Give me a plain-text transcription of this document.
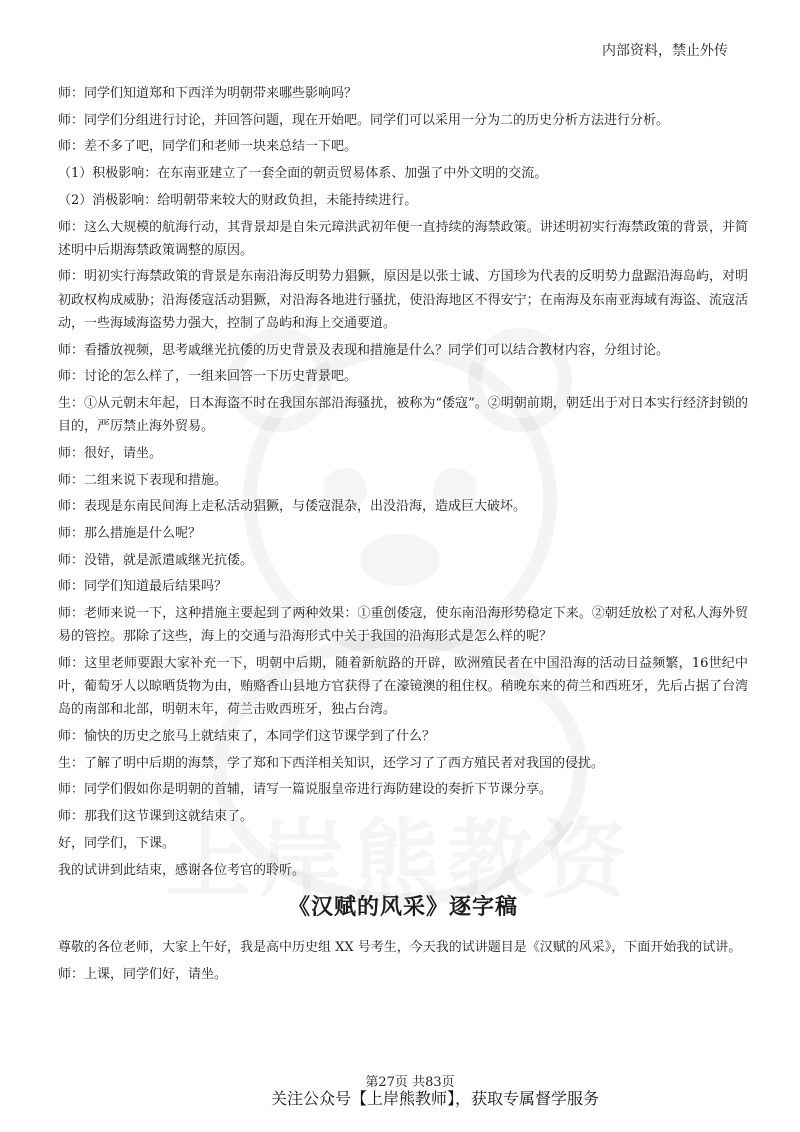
内部资料，禁止外传

师：同学们知道郑和下西洋为明朝带来哪些影响吗？

师：同学们分组进行讨论，并回答问题，现在开始吧。同学们可以采用一分为二的历史分析方法进行分析。

师：差不多了吧，同学们和老师一块来总结一下吧。

（1）积极影响：在东南亚建立了一套全面的朝贡贸易体系、加强了中外文明的交流。

（2）消极影响：给明朝带来较大的财政负担，未能持续进行。

师：这么大规模的航海行动，其背景却是自朱元璋洪武初年便一直持续的海禁政策。讲述明初实行海禁政策的背景，并简述明中后期海禁政策调整的原因。

师：明初实行海禁政策的背景是东南沿海反明势力猖獗，原因是以张士诚、方国珍为代表的反明势力盘踞沿海岛屿，对明初政权构成威胁；沿海倭寇活动猖獗，对沿海各地进行骚扰，使沿海地区不得安宁；在南海及东南亚海域有海盗、流寇活动，一些海域海盗势力强大，控制了岛屿和海上交通要道。

师：看播放视频，思考戚继光抗倭的历史背景及表现和措施是什么？同学们可以结合教材内容，分组讨论。

师：讨论的怎么样了，一组来回答一下历史背景吧。

生：①从元朝末年起，日本海盗不时在我国东部沿海骚扰，被称为“倭寇”。②明朝前期，朝廷出于对日本实行经济封锁的目的，严厉禁止海外贸易。

师：很好，请坐。

师：二组来说下表现和措施。

师：表现是东南民间海上走私活动猖獗，与倭寇混杂，出没沿海，造成巨大破坏。

师：那么措施是什么呢？

师：没错，就是派遣戚继光抗倭。

师：同学们知道最后结果吗？

师：老师来说一下，这种措施主要起到了两种效果：①重创倭寇，使东南沿海形势稳定下来。②朝廷放松了对私人海外贸易的管控。那除了这些，海上的交通与沿海形式中关于我国的沿海形式是怎么样的呢？

师：这里老师要跟大家补充一下，明朝中后期，随着新航路的开辟，欧洲殖民者在中国沿海的活动日益频繁，16世纪中叶，葡萄牙人以晾晒货物为由，贿赂香山县地方官获得了在濠镜澳的租住权。稍晚东来的荷兰和西班牙，先后占据了台湾岛的南部和北部，明朝末年，荷兰击败西班牙，独占台湾。

师：愉快的历史之旅马上就结束了，本同学们这节课学到了什么？

生：了解了明中后期的海禁，学了郑和下西洋相关知识，还学习了了西方殖民者对我国的侵扰。

师：同学们假如你是明朝的首辅，请写一篇说服皇帝进行海防建设的奏折下节课分享。

师：那我们这节课到这就结束了。

好，同学们，下课。

我的试讲到此结束，感谢各位考官的聆听。

《汉赋的风采》逐字稿

尊敬的各位老师，大家上午好，我是高中历史组 XX 号考生，今天我的试讲题目是《汉赋的风采》，下面开始我的试讲。

师：上课，同学们好，请坐。

第27页 共83页
关注公众号【上岸熊教师】，获取专属督学服务
